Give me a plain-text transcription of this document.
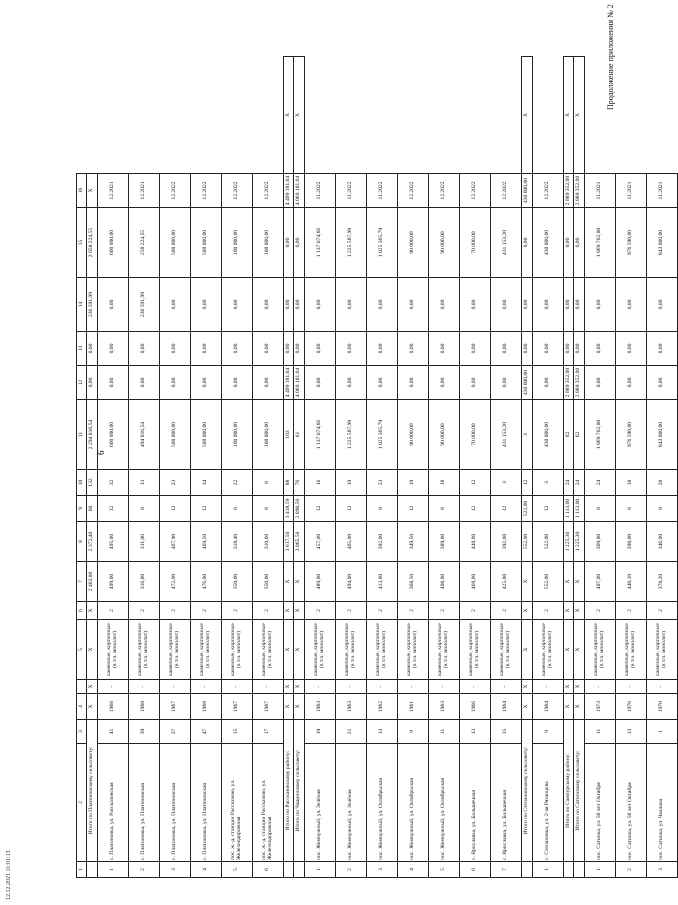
Продолжение приложения № 2
6
12.12.2021 11:01:13	1	2	3	4		5	6	7	8	9	10	11	12	13	14	15	16	
	Итого по Платоновскому сельсовету:		X	X	X	X	2 463,00	2 372,40	60	132	2 294 816,54	0,00	0,00	236 591,99	2 058 224,55	X	
1	с. Платоновка, ул. Рассказовская	41	1968	-	каменные, кирпичные (в т.ч. монолит)	2	499,00	495,00	12	32	600 000,00	0,00	0,00	0,00	600 000,00	12.2021	
2	с. Платоновка, ул. Платоновская	39	1968	-	каменные, кирпичные (в т.ч. монолит)	2	316,00	311,00	8	13	494 816,54	0,00	0,00	236 591,99	258 224,55	12.2021	
3	с. Платоновка, ул. Платоновская	37	1967	-	каменные, кирпичные (в т.ч. монолит)	2	472,00	467,90	12	23	500 000,00	0,00	0,00	0,00	500 000,00	12.2022	
4	с. Платоновка, ул. Платоновская	47	1968	-	каменные, кирпичные (в т.ч. монолит)	2	476,00	469,50	12	34	500 000,00	0,00	0,00	0,00	500 000,00	12.2022	
5	пос. ж.-д. станции Рассказово, ул. Железнодорожная	15	1967	-	каменные, кирпичные (в т.ч. монолит)	2	350,00	318,40	8	22	100 000,00	0,00	0,00	0,00	100 000,00	12.2022	
6	пос. ж.-д. станции Рассказово, ул. Железнодорожная	17	1967	-	каменные, кирпичные (в т.ч. монолит)	2	350,00	310,60	8	8	100 000,00	0,00	0,00	0,00	100 000,00	12.2022	
	Итого по Рассказовскому району:		X	X	X	X	X	3 617,50	3 418,59	88	103	4 499 181,64	0,00	0,00	0,00	4 499 181,64	X
	Итого по Чащинскому сельсовету:		X	X	X	X	X	3 065,50	2 890,50	76	61	4 069 181,64	0,00	0,00	0,00	4 069 181,64	X
1	пос. Жемчужный, ул. Зелёная	19	1963	-	каменные, кирпичные (в т.ч. монолит)	2	489,00	457,00	12	16	1 137 074,66	0,00	0,00	0,00	1 137 074,66	11.2022	
2	пос. Жемчужный, ул. Зелёная	21	1963	-	каменные, кирпичные (в т.ч. монолит)	2	494,00	465,00	12	19	1 225 587,99	0,00	0,00	0,00	1 225 587,99	11.2022	
3	пос. Жемчужный, ул. Октябрьская	13	1962	-	каменные, кирпичные (в т.ч. монолит)	2	413,00	392,00	8	23	1 025 365,79	0,00	0,00	0,00	1 025 365,79	11.2022	
4	пос. Жемчужный, ул. Октябрьская	9	1961	-	каменные, кирпичные (в т.ч. монолит)	2	368,50	349,50	12	19	90 000,00	0,00	0,00	0,00	90 000,00	12.2022	
5	пос. Жемчужный, ул. Октябрьская	11	1963	-	каменные, кирпичные (в т.ч. монолит)	2	408,00	389,00	8	18	90 000,00	0,00	0,00	0,00	90 000,00	12.2022	
6	с. Ярославка, ул. Большечная	13	1966	-	каменные, кирпичные (в т.ч. монолит)	2	468,00	448,00	12	12	70 000,00	0,00	0,00	0,00	70 000,00	12.2022	
7	с. Ярославка, ул. Большечная	15	1964	-	каменные, кирпичные (в т.ч. монолит)	2	425,00	392,00	12	3	431 153,20	0,00	0,00	0,00	431 153,20	12.2022	
	Итого по Степановскому сельсовету:		X	X	X	X	X	552,00	522,00	12	3	430 000,00	0,00	0,00	0,00	430 000,00	X
1	с. Степановка, ул. 2-ая Рязанцева	9	1964	-	каменные, кирпичные (в т.ч. монолит)	2	552,00	522,00	12	3	430 000,00	0,00	0,00	0,00	430 000,00	12.2022	
	Итого по Сампурскому району:		X	X	X	X	X	1 225,30	1 113,00	24	62	2 889 352,00	0,00	0,00	0,00	2 889 352,00	X
	Итого по Сатинскому сельсовету:		X	X	X	X	X	1 225,30	1 113,00	24	62	2 889 352,00	0,00	0,00	0,00	2 889 352,00	X
1	пос. Сатинка, ул. 50 лет Октября	11	1973	-	каменные, кирпичные (в т.ч. монолит)	2	407,00	369,00	8	24	1 069 762,00	0,00	0,00	0,00	1 069 762,00	11.2021	
2	пос. Сатинка, ул. 50 лет Октября	13	1976	-	каменные, кирпичные (в т.ч. монолит)	2	440,10	398,00	8	18	976 590,00	0,00	0,00	0,00	976 590,00	11.2021	
3	пос. Сатинка, ул. Чкалова	1	1970	-	каменные, кирпичные (в т.ч. монолит)	2	378,20	346,00	8	20	843 000,00	0,00	0,00	0,00	843 000,00	11.2021	
